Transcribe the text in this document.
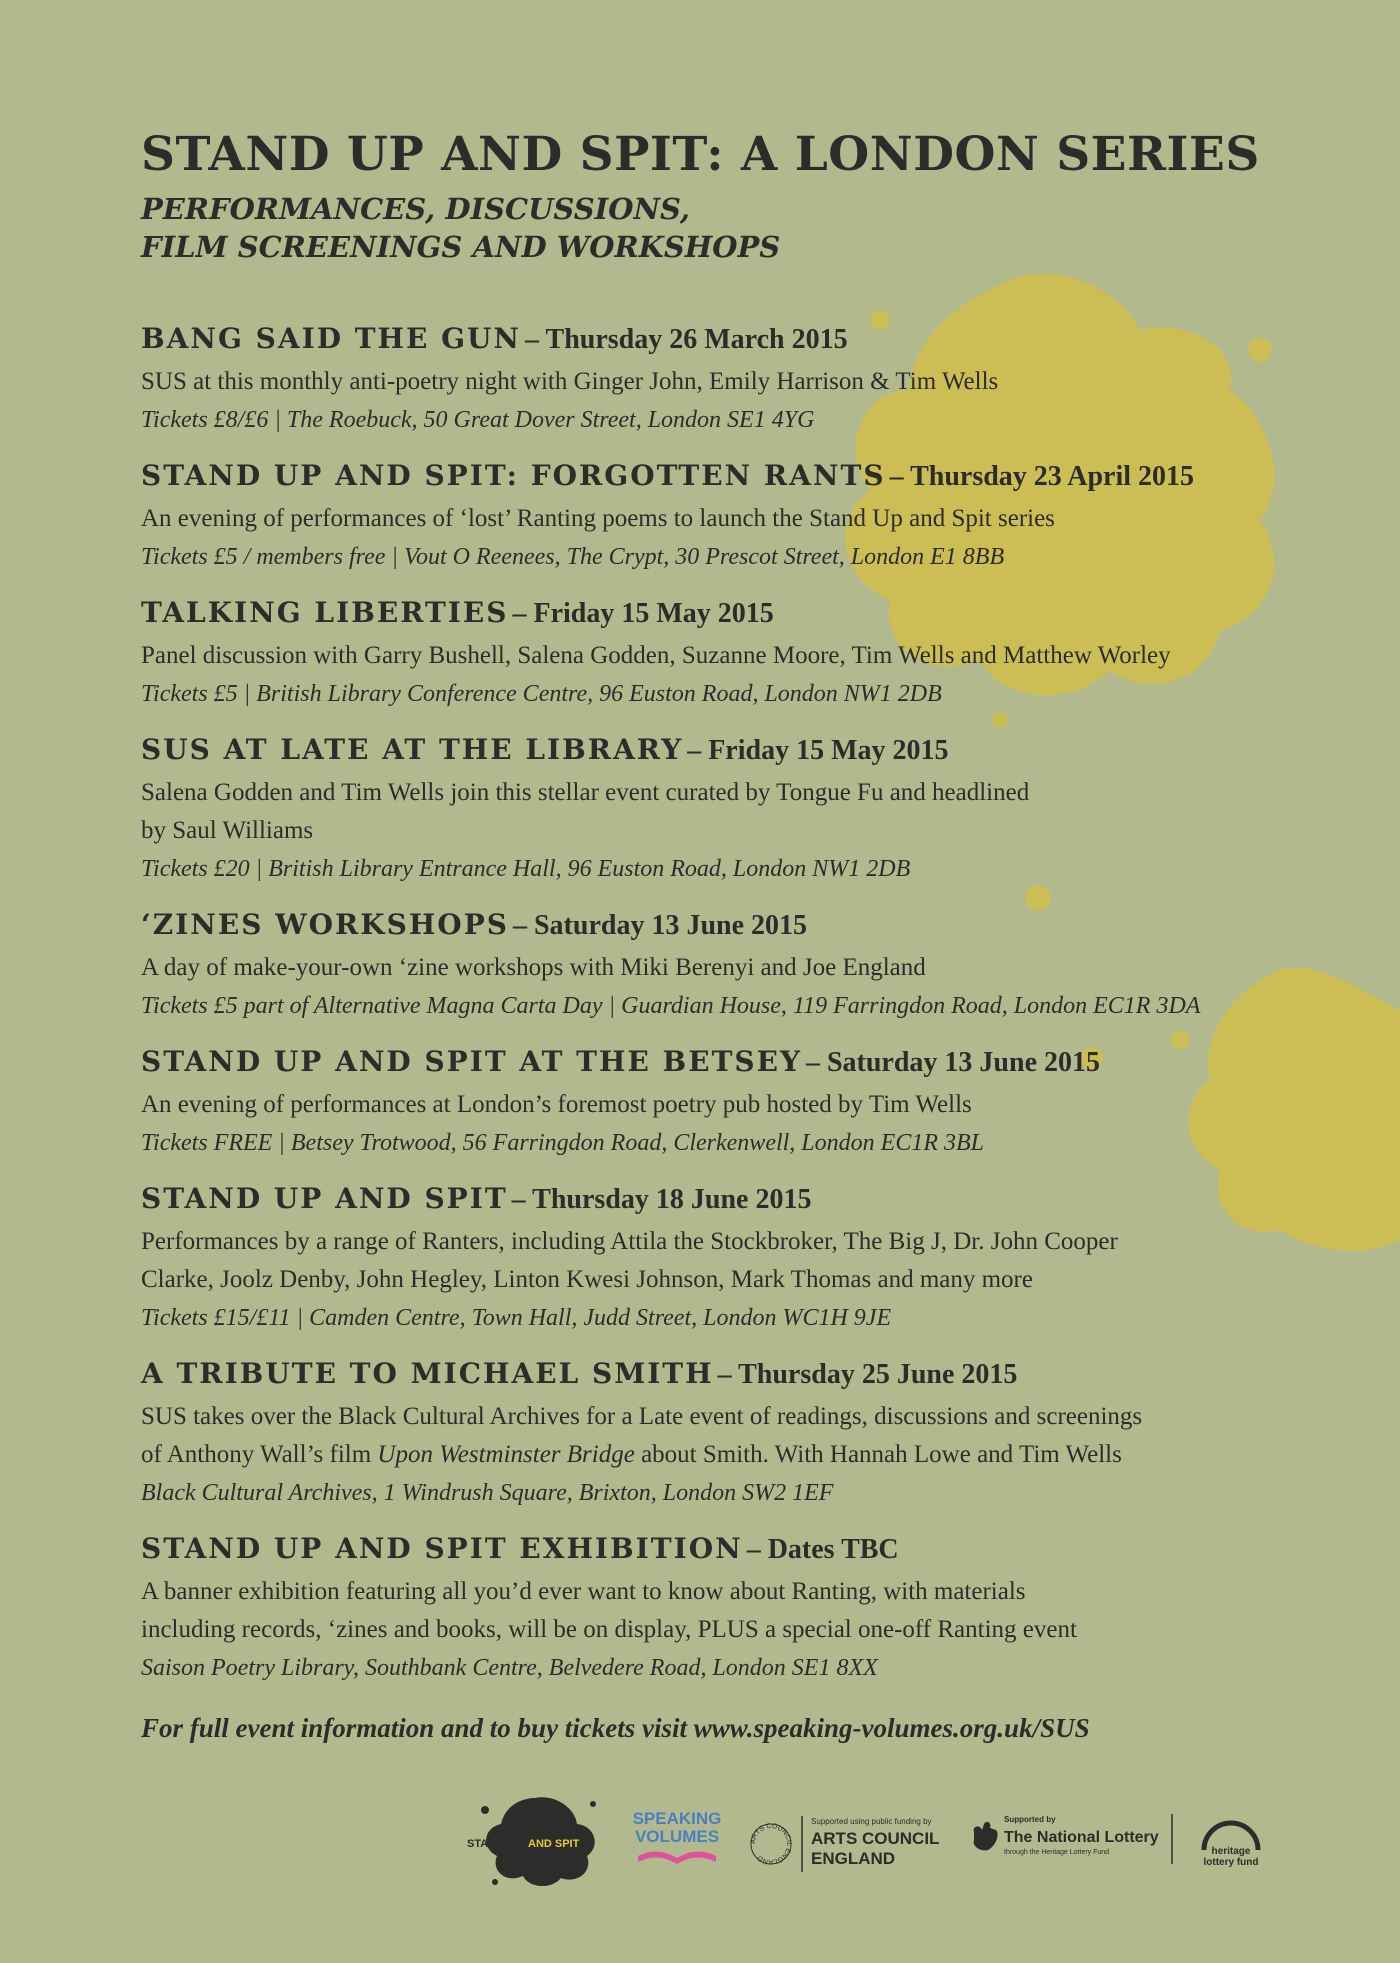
STAND UP AND SPIT: A LONDON SERIES
PERFORMANCES, DISCUSSIONS,
FILM SCREENINGS AND WORKSHOPS
BANG SAID THE GUN – Thursday 26 March 2015
SUS at this monthly anti-poetry night with Ginger John, Emily Harrison & Tim Wells
Tickets £8/£6 | The Roebuck, 50 Great Dover Street, London SE1 4YG
STAND UP AND SPIT: FORGOTTEN RANTS – Thursday 23 April 2015
An evening of performances of ‘lost’ Ranting poems to launch the Stand Up and Spit series
Tickets £5 / members free | Vout O Reenees, The Crypt, 30 Prescot Street, London E1 8BB
TALKING LIBERTIES – Friday 15 May 2015
Panel discussion with Garry Bushell, Salena Godden, Suzanne Moore, Tim Wells and Matthew Worley
Tickets £5 | British Library Conference Centre, 96 Euston Road, London NW1 2DB
SUS AT LATE AT THE LIBRARY – Friday 15 May 2015
Salena Godden and Tim Wells join this stellar event curated by Tongue Fu and headlined
by Saul Williams
Tickets £20 | British Library Entrance Hall, 96 Euston Road, London NW1 2DB
‘ZINES WORKSHOPS – Saturday 13 June 2015
A day of make-your-own ‘zine workshops with Miki Berenyi and Joe England
Tickets £5 part of Alternative Magna Carta Day | Guardian House, 119 Farringdon Road, London EC1R 3DA
STAND UP AND SPIT AT THE BETSEY – Saturday 13 June 2015
An evening of performances at London’s foremost poetry pub hosted by Tim Wells
Tickets FREE | Betsey Trotwood, 56 Farringdon Road, Clerkenwell, London EC1R 3BL
STAND UP AND SPIT – Thursday 18 June 2015
Performances by a range of Ranters, including Attila the Stockbroker, The Big J, Dr. John Cooper
Clarke, Joolz Denby, John Hegley, Linton Kwesi Johnson, Mark Thomas and many more
Tickets £15/£11 | Camden Centre, Town Hall, Judd Street, London WC1H 9JE
A TRIBUTE TO MICHAEL SMITH – Thursday 25 June 2015
SUS takes over the Black Cultural Archives for a Late event of readings, discussions and screenings
of Anthony Wall’s film Upon Westminster Bridge about Smith. With Hannah Lowe and Tim Wells
Black Cultural Archives, 1 Windrush Square, Brixton, London SW2 1EF
STAND UP AND SPIT EXHIBITION – Dates TBC
A banner exhibition featuring all you’d ever want to know about Ranting, with materials
including records, ‘zines and books, will be on display, PLUS a special one-off Ranting event
Saison Poetry Library, Southbank Centre, Belvedere Road, London SE1 8XX
For full event information and to buy tickets visit www.speaking-volumes.org.uk/SUS
STAND UP AND SPIT
SPEAKING
VOLUMES	ARTS COUNCIL ENGLAND
Supported using public funding by
ARTS COUNCIL
ENGLAND
Supported by
The National Lottery
through the Heritage Lottery Fund	heritage
lottery fund
